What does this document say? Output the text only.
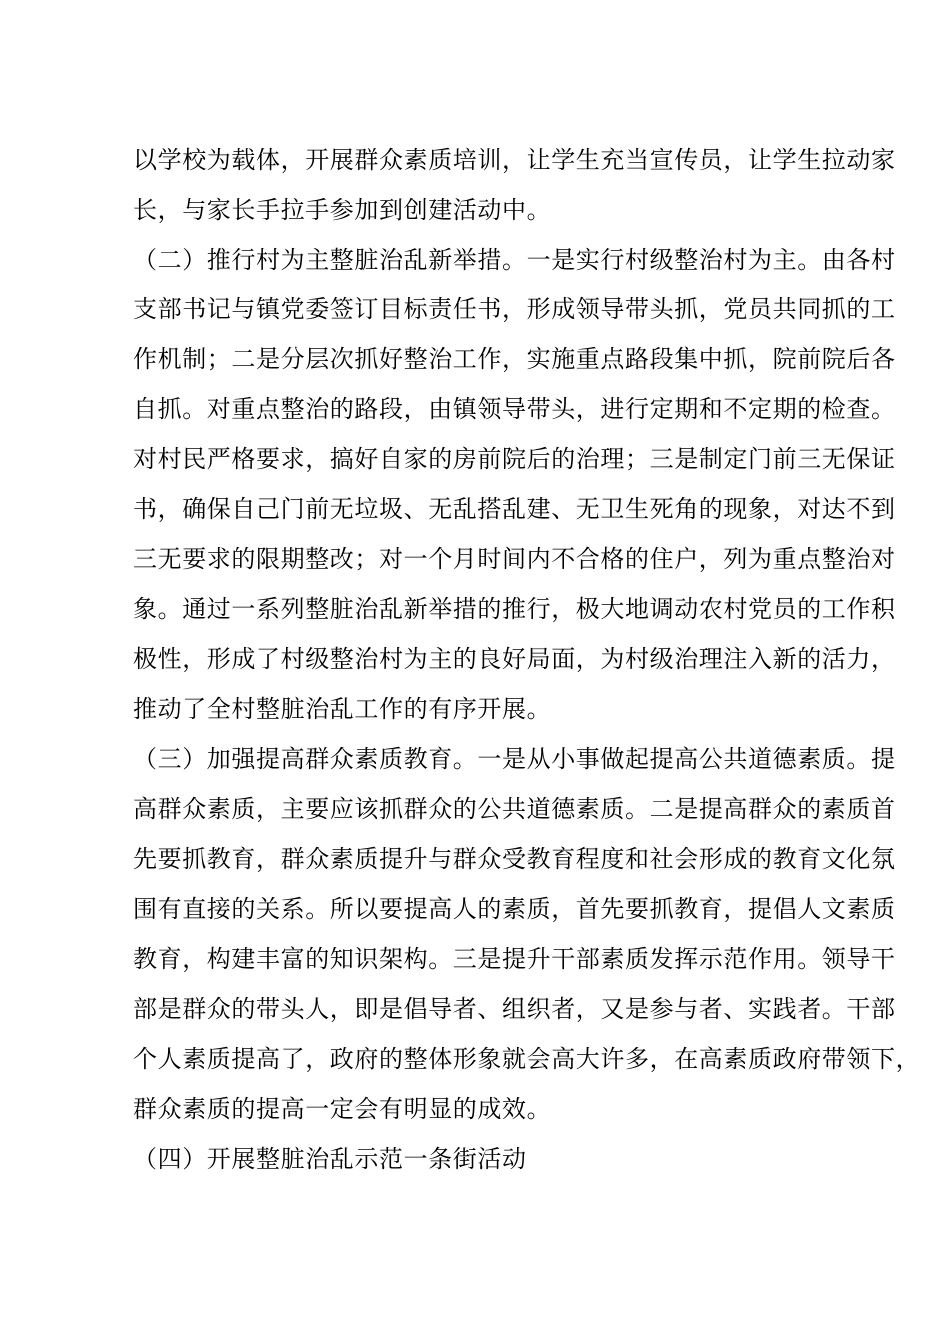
以学校为载体，开展群众素质培训，让学生充当宣传员，让学生拉动家
长，与家长手拉手参加到创建活动中。
（二）推行村为主整脏治乱新举措。一是实行村级整治村为主。由各村
支部书记与镇党委签订目标责任书，形成领导带头抓，党员共同抓的工
作机制；二是分层次抓好整治工作，实施重点路段集中抓，院前院后各
自抓。对重点整治的路段，由镇领导带头，进行定期和不定期的检查。
对村民严格要求，搞好自家的房前院后的治理；三是制定门前三无保证
书，确保自己门前无垃圾、无乱搭乱建、无卫生死角的现象，对达不到
三无要求的限期整改；对一个月时间内不合格的住户，列为重点整治对
象。通过一系列整脏治乱新举措的推行，极大地调动农村党员的工作积
极性，形成了村级整治村为主的良好局面，为村级治理注入新的活力，
推动了全村整脏治乱工作的有序开展。
（三）加强提高群众素质教育。一是从小事做起提高公共道德素质。提
高群众素质，主要应该抓群众的公共道德素质。二是提高群众的素质首
先要抓教育，群众素质提升与群众受教育程度和社会形成的教育文化氛
围有直接的关系。所以要提高人的素质，首先要抓教育，提倡人文素质
教育，构建丰富的知识架构。三是提升干部素质发挥示范作用。领导干
部是群众的带头人，即是倡导者、组织者，又是参与者、实践者。干部
个人素质提高了，政府的整体形象就会高大许多，在高素质政府带领下，
群众素质的提高一定会有明显的成效。
（四）开展整脏治乱示范一条街活动
